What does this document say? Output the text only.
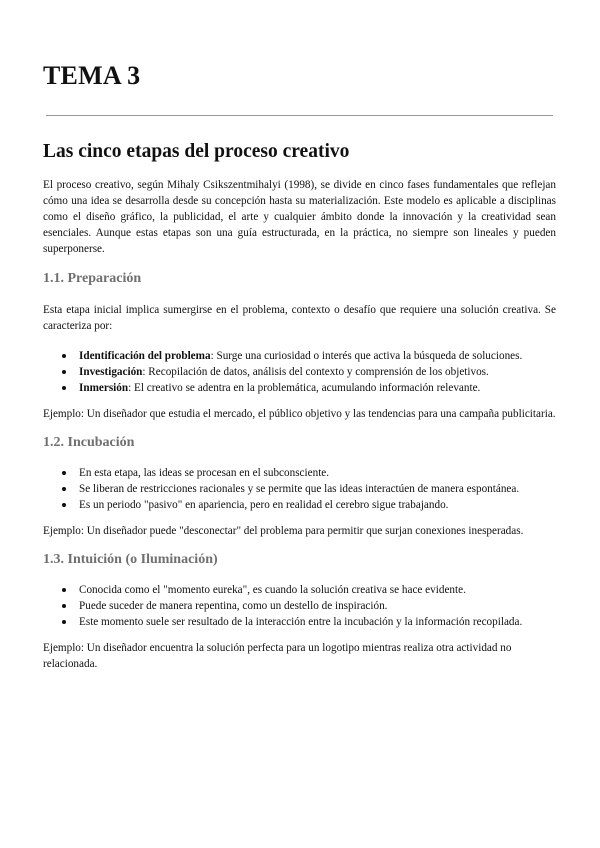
TEMA 3
Las cinco etapas del proceso creativo

El proceso creativo, según Mihaly Csikszentmihalyi (1998), se divide en cinco fases fundamentales que reflejan cómo una idea se desarrolla desde su concepción hasta su materialización. Este modelo es aplicable a disciplinas como el diseño gráfico, la publicidad, el arte y cualquier ámbito donde la innovación y la creatividad sean esenciales. Aunque estas etapas son una guía estructurada, en la práctica, no siempre son lineales y pueden superponerse.

1.1. Preparación

Esta etapa inicial implica sumergirse en el problema, contexto o desafío que requiere una solución creativa. Se caracteriza por:

Identificación del problema: Surge una curiosidad o interés que activa la búsqueda de soluciones.
Investigación: Recopilación de datos, análisis del contexto y comprensión de los objetivos.
Inmersión: El creativo se adentra en la problemática, acumulando información relevante.

Ejemplo: Un diseñador que estudia el mercado, el público objetivo y las tendencias para una campaña publicitaria.

1.2. Incubación
En esta etapa, las ideas se procesan en el subconsciente.
Se liberan de restricciones racionales y se permite que las ideas interactúen de manera espontánea.
Es un periodo "pasivo" en apariencia, pero en realidad el cerebro sigue trabajando.

Ejemplo: Un diseñador puede "desconectar" del problema para permitir que surjan conexiones inesperadas.

1.3. Intuición (o Iluminación)
Conocida como el "momento eureka", es cuando la solución creativa se hace evidente.
Puede suceder de manera repentina, como un destello de inspiración.
Este momento suele ser resultado de la interacción entre la incubación y la información recopilada.

Ejemplo: Un diseñador encuentra la solución perfecta para un logotipo mientras realiza otra actividad no relacionada.
